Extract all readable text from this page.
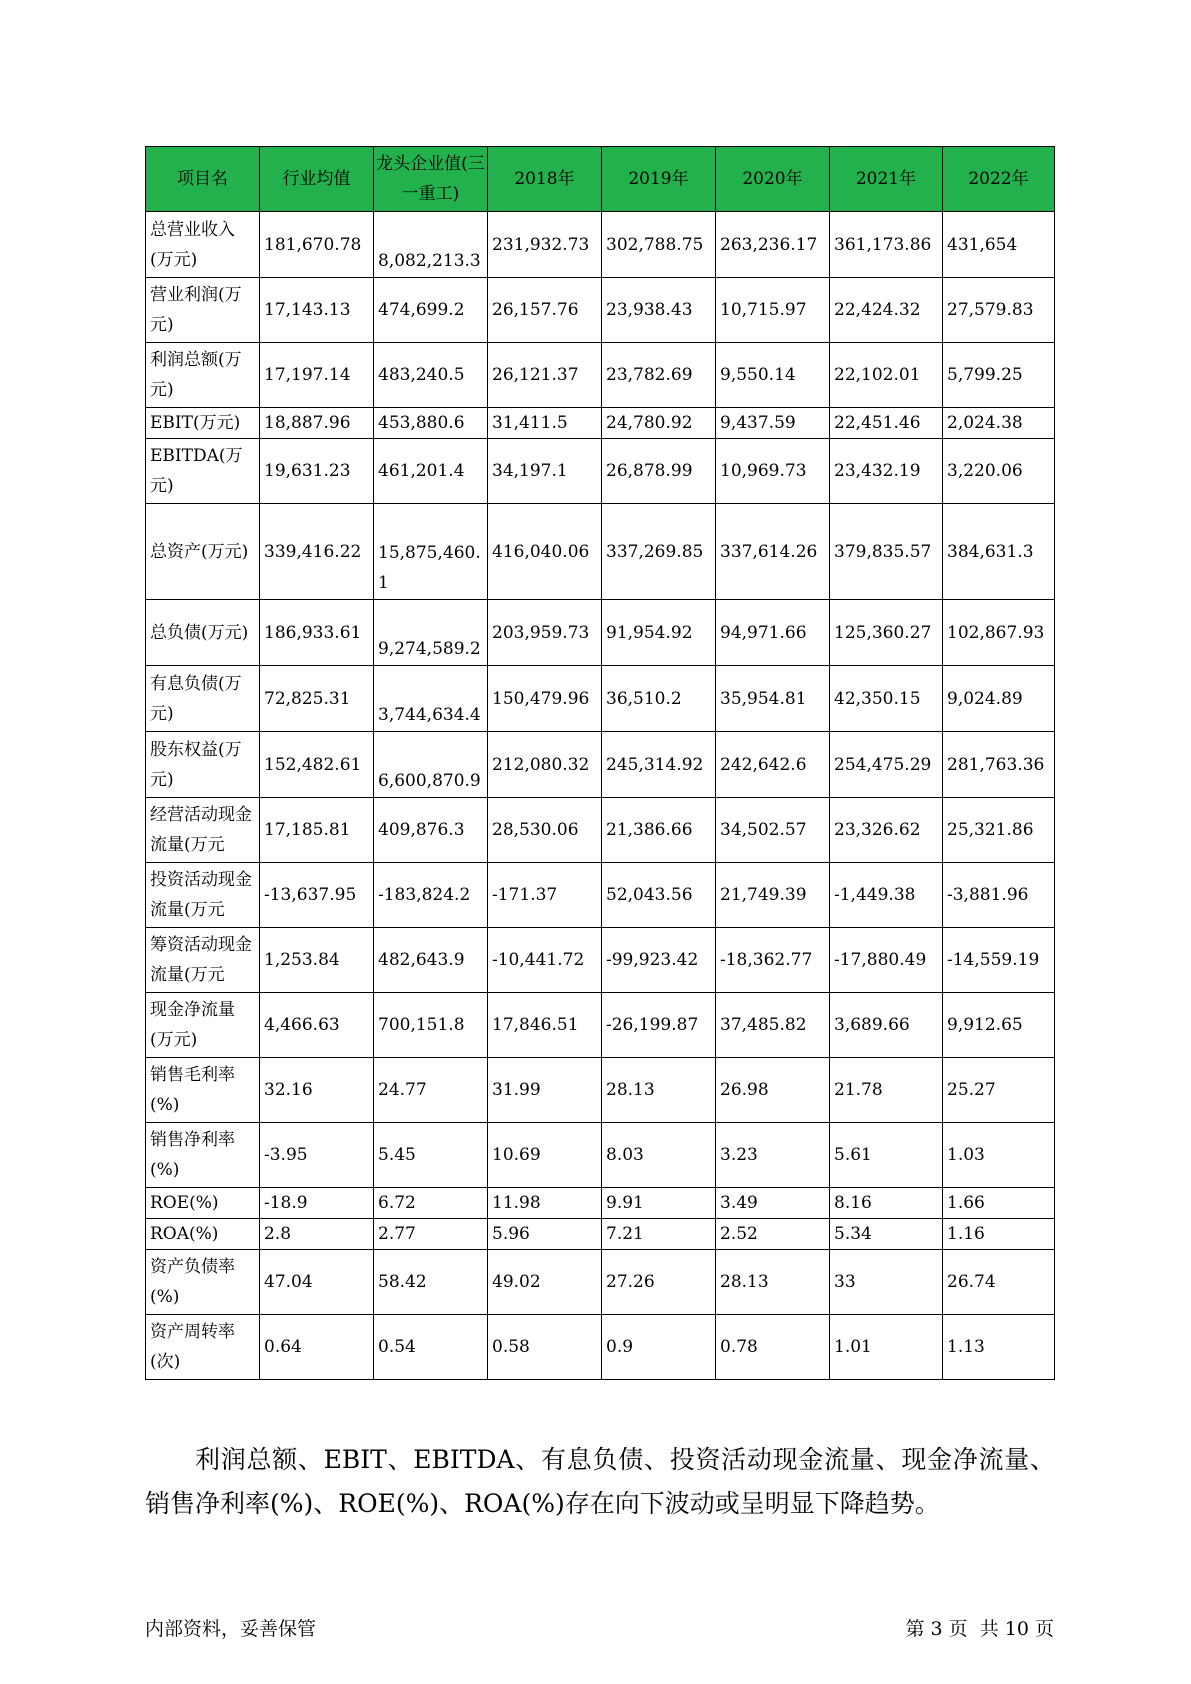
项目名	行业均值	龙头企业值(三一重工)	2018年	2019年	2020年	2021年	2022年
总营业收入(万元)	181,670.78	8,082,213.3	231,932.73	302,788.75	263,236.17	361,173.86	431,654
营业利润(万元)	17,143.13	474,699.2	26,157.76	23,938.43	10,715.97	22,424.32	27,579.83
利润总额(万元)	17,197.14	483,240.5	26,121.37	23,782.69	9,550.14	22,102.01	5,799.25
EBIT(万元)	18,887.96	453,880.6	31,411.5	24,780.92	9,437.59	22,451.46	2,024.38
EBITDA(万元)	19,631.23	461,201.4	34,197.1	26,878.99	10,969.73	23,432.19	3,220.06
总资产(万元)	339,416.22	15,875,460.1	416,040.06	337,269.85	337,614.26	379,835.57	384,631.3
总负债(万元)	186,933.61	9,274,589.2	203,959.73	91,954.92	94,971.66	125,360.27	102,867.93
有息负债(万元)	72,825.31	3,744,634.4	150,479.96	36,510.2	35,954.81	42,350.15	9,024.89
股东权益(万元)	152,482.61	6,600,870.9	212,080.32	245,314.92	242,642.6	254,475.29	281,763.36
经营活动现金流量(万元	17,185.81	409,876.3	28,530.06	21,386.66	34,502.57	23,326.62	25,321.86
投资活动现金流量(万元	-13,637.95	-183,824.2	-171.37	52,043.56	21,749.39	-1,449.38	-3,881.96
筹资活动现金流量(万元	1,253.84	482,643.9	-10,441.72	-99,923.42	-18,362.77	-17,880.49	-14,559.19
现金净流量(万元)	4,466.63	700,151.8	17,846.51	-26,199.87	37,485.82	3,689.66	9,912.65
销售毛利率(%)	32.16	24.77	31.99	28.13	26.98	21.78	25.27
销售净利率(%)	-3.95	5.45	10.69	8.03	3.23	5.61	1.03
ROE(%)	-18.9	6.72	11.98	9.91	3.49	8.16	1.66
ROA(%)	2.8	2.77	5.96	7.21	2.52	5.34	1.16
资产负债率(%)	47.04	58.42	49.02	27.26	28.13	33	26.74
资产周转率(次)	0.64	0.54	0.58	0.9	0.78	1.01	1.13

利润总额、EBIT、EBITDA、有息负债、投资活动现金流量、现金净流量、销售净利率(%)、ROE(%)、ROA(%)存在向下波动或呈明显下降趋势。

内部资料，妥善保管	第 3 页  共 10 页
